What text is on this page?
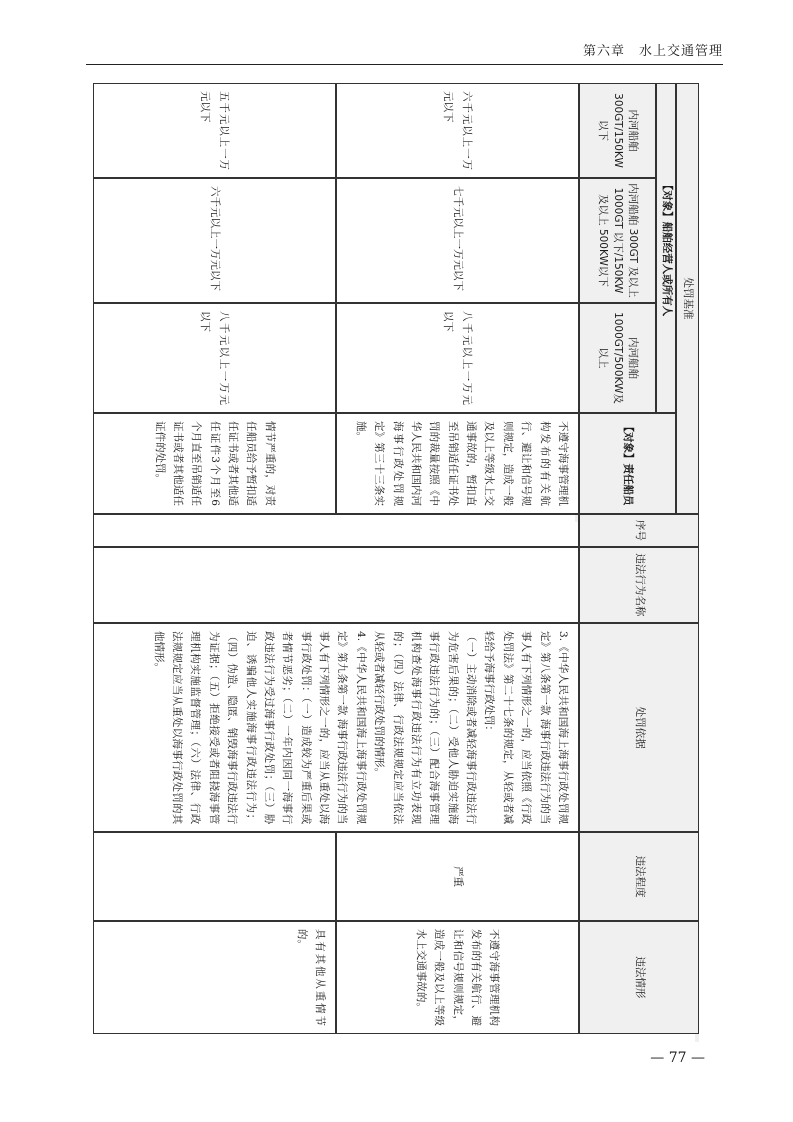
第六章　水上交通管理
序号
违法行为名称
处罚依据
违法程度
违法情形

3.《中华人民共和国海上海事行政处罚规定》第八条第一款 海事行政违法行为的当事人有下列情形之一的，应当依照《行政处罚法》第二十七条的规定，从轻或者减轻给予海事行政处罚：

（一）主动消除或者减轻海事行政违法行为危害后果的；（二）受他人胁迫实施海事行政违法行为的；（三）配合海事管理机构查处海事行政违法行为有立功表现的；（四）法律、行政法规规定应当依法从轻或者减轻行政处罚的情形。

4.《中华人民共和国海上海事行政处罚规定》第九条第一款 海事行政违法行为的当事人有下列情形之一的，应当从重处以海事行政处罚：（一）造成较为严重后果或者情节恶劣；（二）一年内因同一海事行政违法行为受过海事行政处罚；（三）胁迫、诱骗他人实施海事行政违法行为；（四）伪造、隐匿、销毁海事行政违法行为证据；（五）拒绝接受或者阻挠海事管理机构实施监督管理；（六）法律、行政法规规定应当从重处以海事行政处罚的其他情形。

严重
不遵守海事管理机构发布的有关航行、避让和信号规则规定，造成一般及以上等级水上交通事故的。
具有其他从重情节的。
处罚基准
【对象】船舶经营人或所有人
内河船舶300GT/150KW以下
内河船舶 300GT 及以上 1000GT 以下/150KW 及以上 500KW以下
内河船舶1000GT/500KW及以上
【对象】责任船员
六千元以上一万元以下
七千元以上一万元以下
八千元以上一万元以下
不遵守海事管理机构发布的有关航行、避让和信号规则规定，造成一般及以上等级水上交通事故的，暂扣直至吊销适任证书处罚的裁量按照《中华人民共和国内河海事行政处罚规定》第三十三条实施。
五千元以上一万元以下
六千元以上一万元以下
八千元以上一万元以下
情节严重的，对责任船员给予暂扣适任证书或者其他适任证件3个月至6个月直至吊销适任证书或者其他适任证件的处罚。
— 77 —
